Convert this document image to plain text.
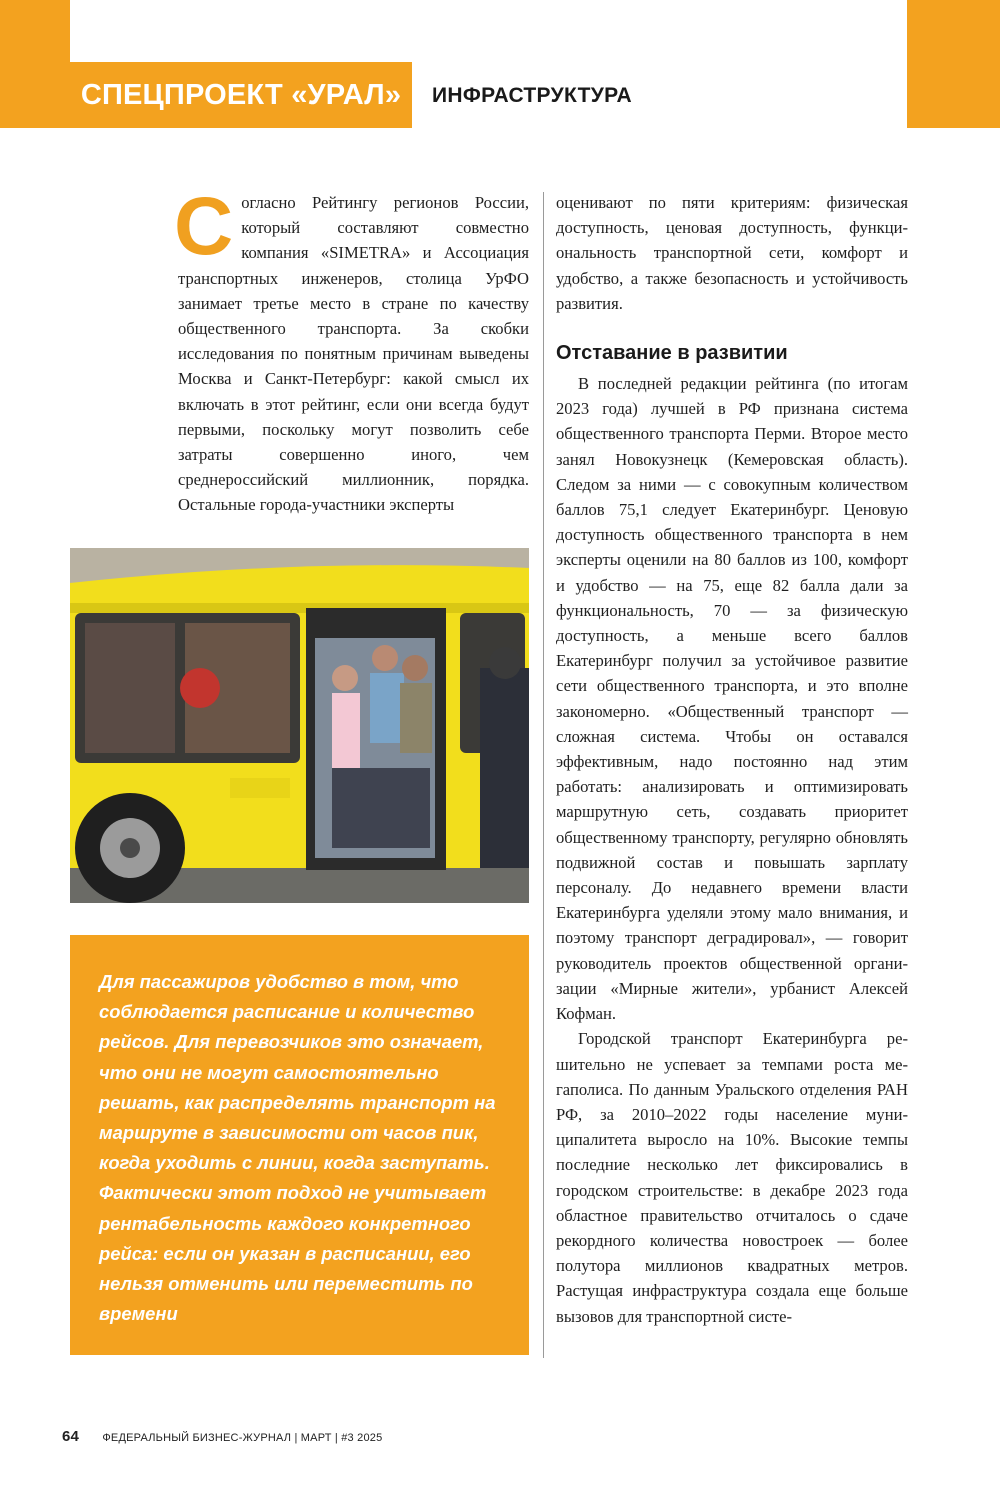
СПЕЦПРОЕКТ «УРАЛ»	ИНФРАСТРУКТУРА

Согласно Рейтингу регионов России, который составляют совместно компания «SIMETRA» и Ассоциация транспортных инженеров, столица УрФО занимает третье место в стране по качеству общественного транспорта. За скобки исследования по понятным причинам выведены Москва и Санкт-Петербург: какой смысл их включать в этот рейтинг, если они всегда будут первыми, поскольку могут позволить себе затраты совершенно иного, чем среднероссийский миллионник, порядка. Остальные города-участники эксперты

оценивают по пяти критериям: физическая доступность, ценовая доступность, функциональность транспортной сети, комфорт и удобство, а также безопасность и устойчивость развития.

Отставание в развитии

В последней редакции рейтинга (по итогам 2023 года) лучшей в РФ признана система общественного транспорта Перми. Второе место занял Новокузнецк (Кемеровская область). Следом за ними — с совокупным количеством баллов 75,1 следует Екатеринбург. Ценовую доступность общественного транспорта в нем эксперты оценили на 80 баллов из 100, комфорт и удобство — на 75, еще 82 балла дали за функциональность, 70 — за физическую доступность, а меньше всего баллов Екатеринбург получил за устойчивое развитие сети общественного транспорта, и это вполне закономерно. «Общественный транспорт — сложная система. Чтобы он оставался эффективным, надо постоянно над этим работать: анализировать и оптимизировать маршрутную сеть, создавать приоритет общественному транспорту, регулярно обновлять подвижной состав и повышать зарплату персоналу. До недавнего времени власти Екатеринбурга уделяли этому мало внимания, и поэтому транспорт деградировал», — говорит руководитель проектов общественной организации «Мирные жители», урбанист Алексей Кофман.

Городской транспорт Екатеринбурга решительно не успевает за темпами роста мегаполиса. По данным Уральского отделения РАН РФ, за 2010–2022 годы население муниципалитета выросло на 10%. Высокие темпы последние несколько лет фиксировались в городском строительстве: в декабре 2023 года областное правительство отчиталось о сдаче рекордного количества новостроек — более полутора миллионов квадратных метров. Растущая инфраструктура создала еще больше вызовов для транспортной систе-

Для пассажиров удобство в том, что соблюдается расписание и количество рейсов. Для перевозчиков это означает, что они не могут самостоятельно решать, как распределять транспорт на маршруте в зависимости от часов пик, когда уходить с линии, когда заступать. Фактически этот подход не учитывает рентабельность каждого конкретного рейса: если он указан в расписании, его нельзя отменить или переместить по времени

64 ФЕДЕРАЛЬНЫЙ БИЗНЕС-ЖУРНАЛ | МАРТ | #3 2025
